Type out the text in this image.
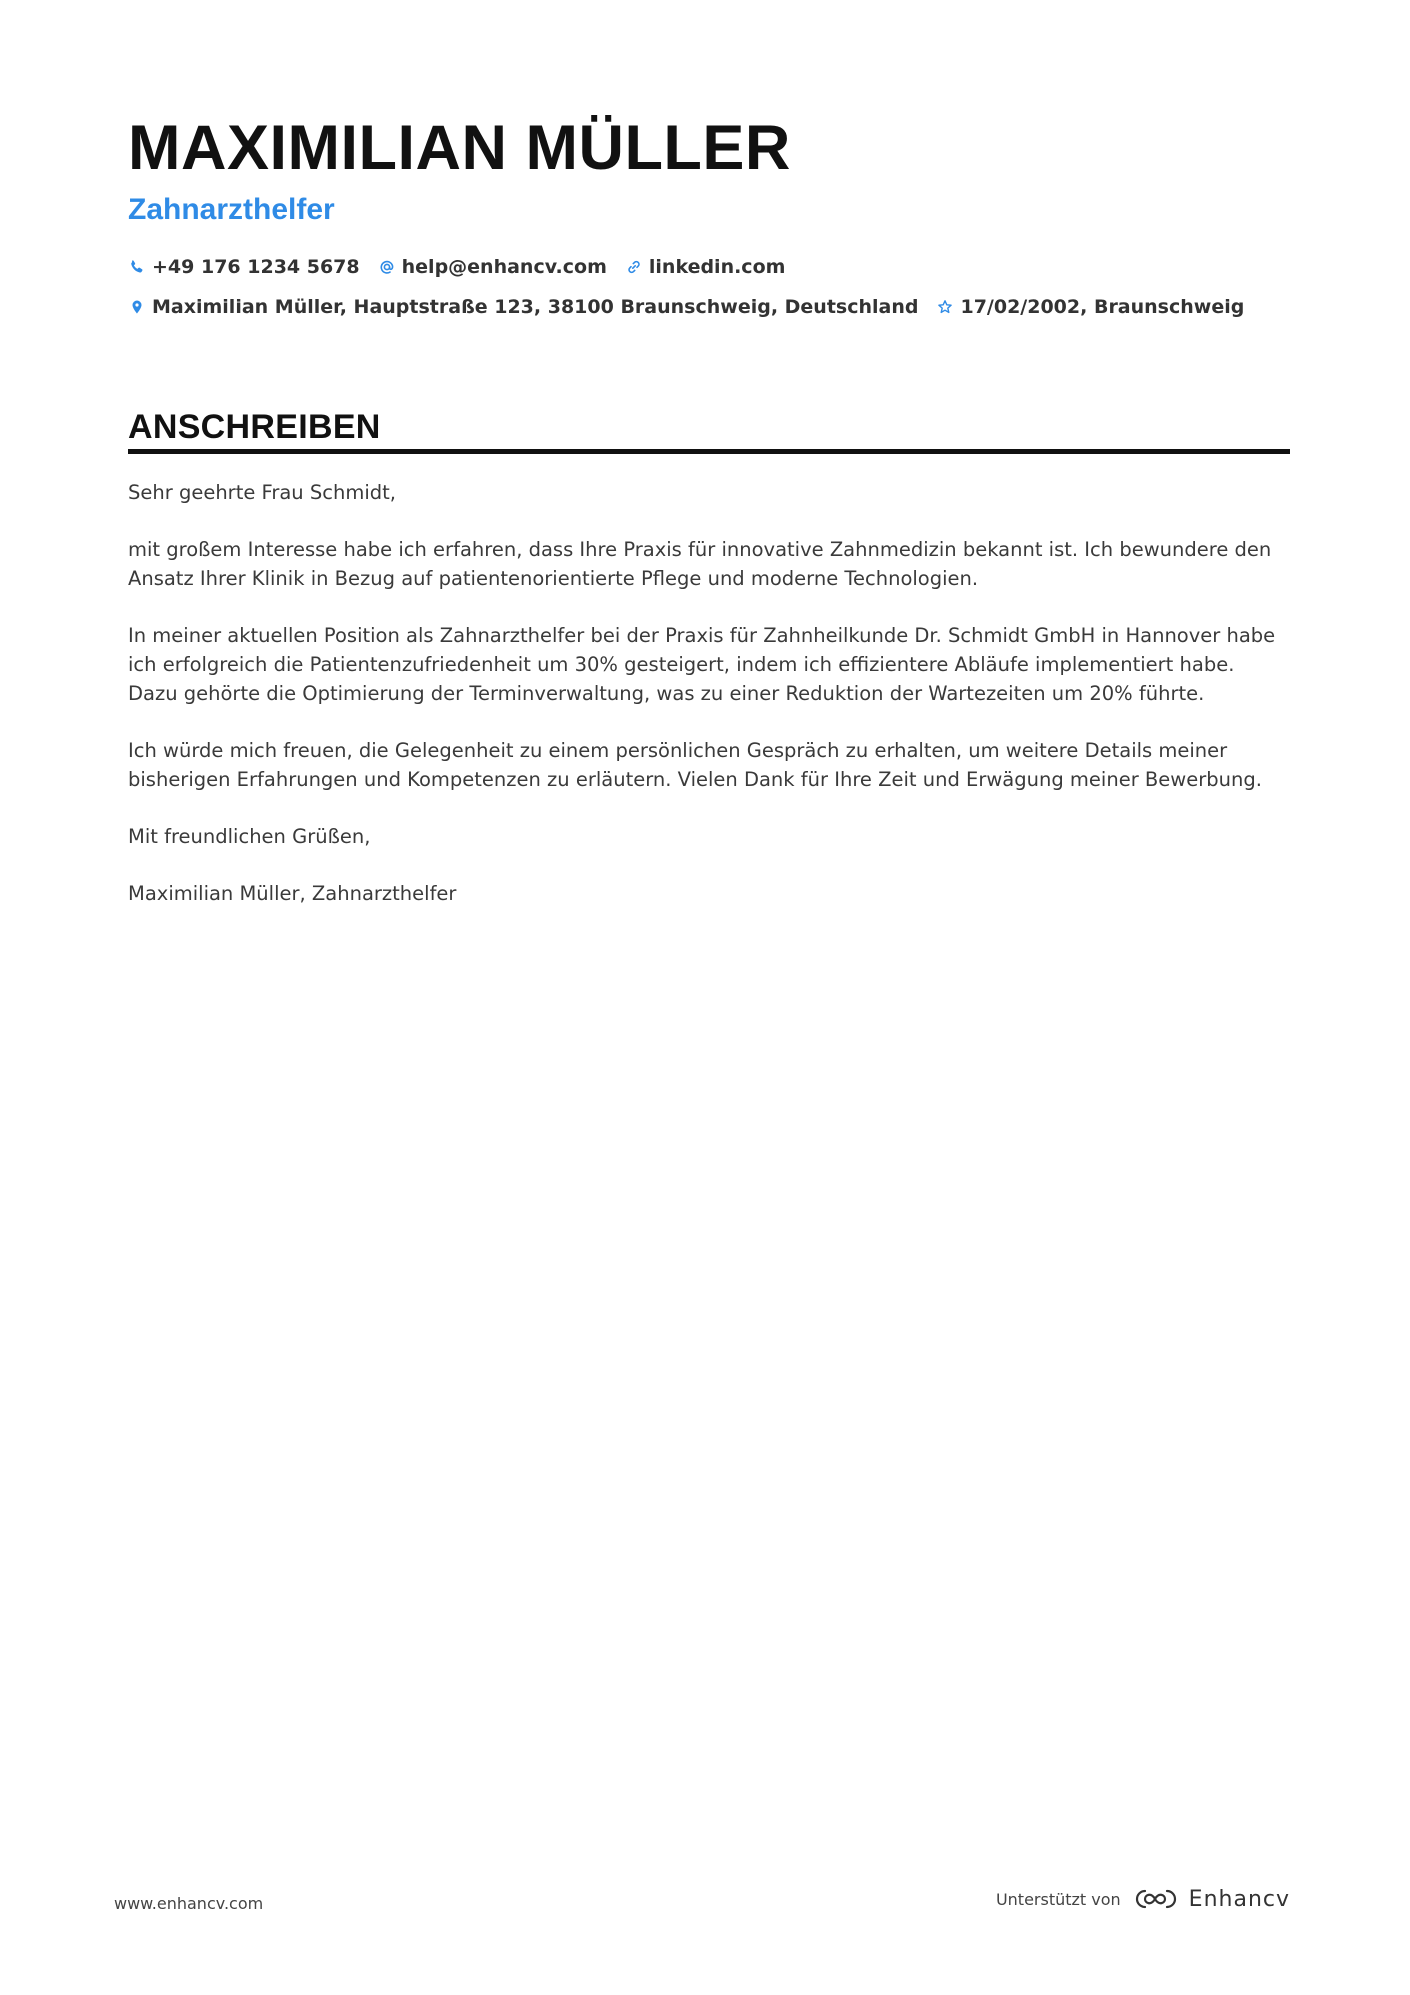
MAXIMILIAN MÜLLER
Zahnarzthelfer
+49 176 1234 5678 help@enhancv.com linkedin.com
Maximilian Müller, Hauptstraße 123, 38100 Braunschweig, Deutschland 17/02/2002, Braunschweig
ANSCHREIBEN

Sehr geehrte Frau Schmidt,

mit großem Interesse habe ich erfahren, dass Ihre Praxis für innovative Zahnmedizin bekannt ist. Ich bewundere den Ansatz Ihrer Klinik in Bezug auf patientenorientierte Pflege und moderne Technologien.

In meiner aktuellen Position als Zahnarzthelfer bei der Praxis für Zahnheilkunde Dr. Schmidt GmbH in Hannover habe ich erfolgreich die Patientenzufriedenheit um 30% gesteigert, indem ich effizientere Abläufe implementiert habe. Dazu gehörte die Optimierung der Terminverwaltung, was zu einer Reduktion der Wartezeiten um 20% führte.

Ich würde mich freuen, die Gelegenheit zu einem persönlichen Gespräch zu erhalten, um weitere Details meiner bisherigen Erfahrungen und Kompetenzen zu erläutern. Vielen Dank für Ihre Zeit und Erwägung meiner Bewerbung.

Mit freundlichen Grüßen,

Maximilian Müller, Zahnarzthelfer

www.enhancv.com	Unterstützt von	Enhancv
